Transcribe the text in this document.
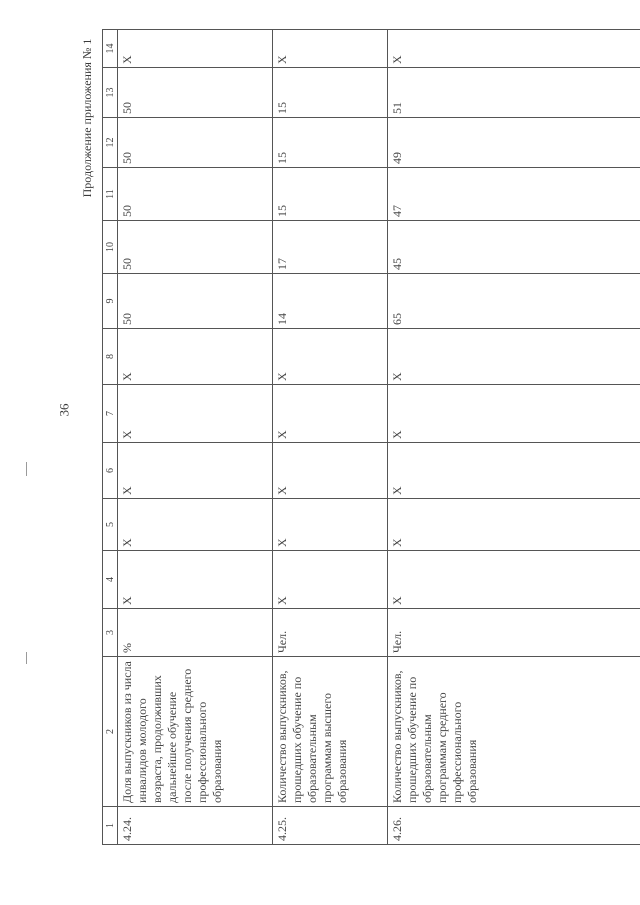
36
Продолжение приложения № 1
1	2	3	4	5	6	7	8	9	10	11	12	13	14
4.24.	Доля выпускников из числа инвалидов молодого возраста, продолживших дальнейшее обучение после получения среднего профессионального образования	%	X	X	X	X	X	50	50	50	50	50	X
4.25.	Количество выпускников, прошедших обучение по образовательным программам высшего образования	Чел.	X	X	X	X	X	14	17	15	15	15	X
4.26.	Количество выпускников, прошедших обучение по образовательным программам среднего профессионального образования	Чел.	X	X	X	X	X	65	45	47	49	51	X
